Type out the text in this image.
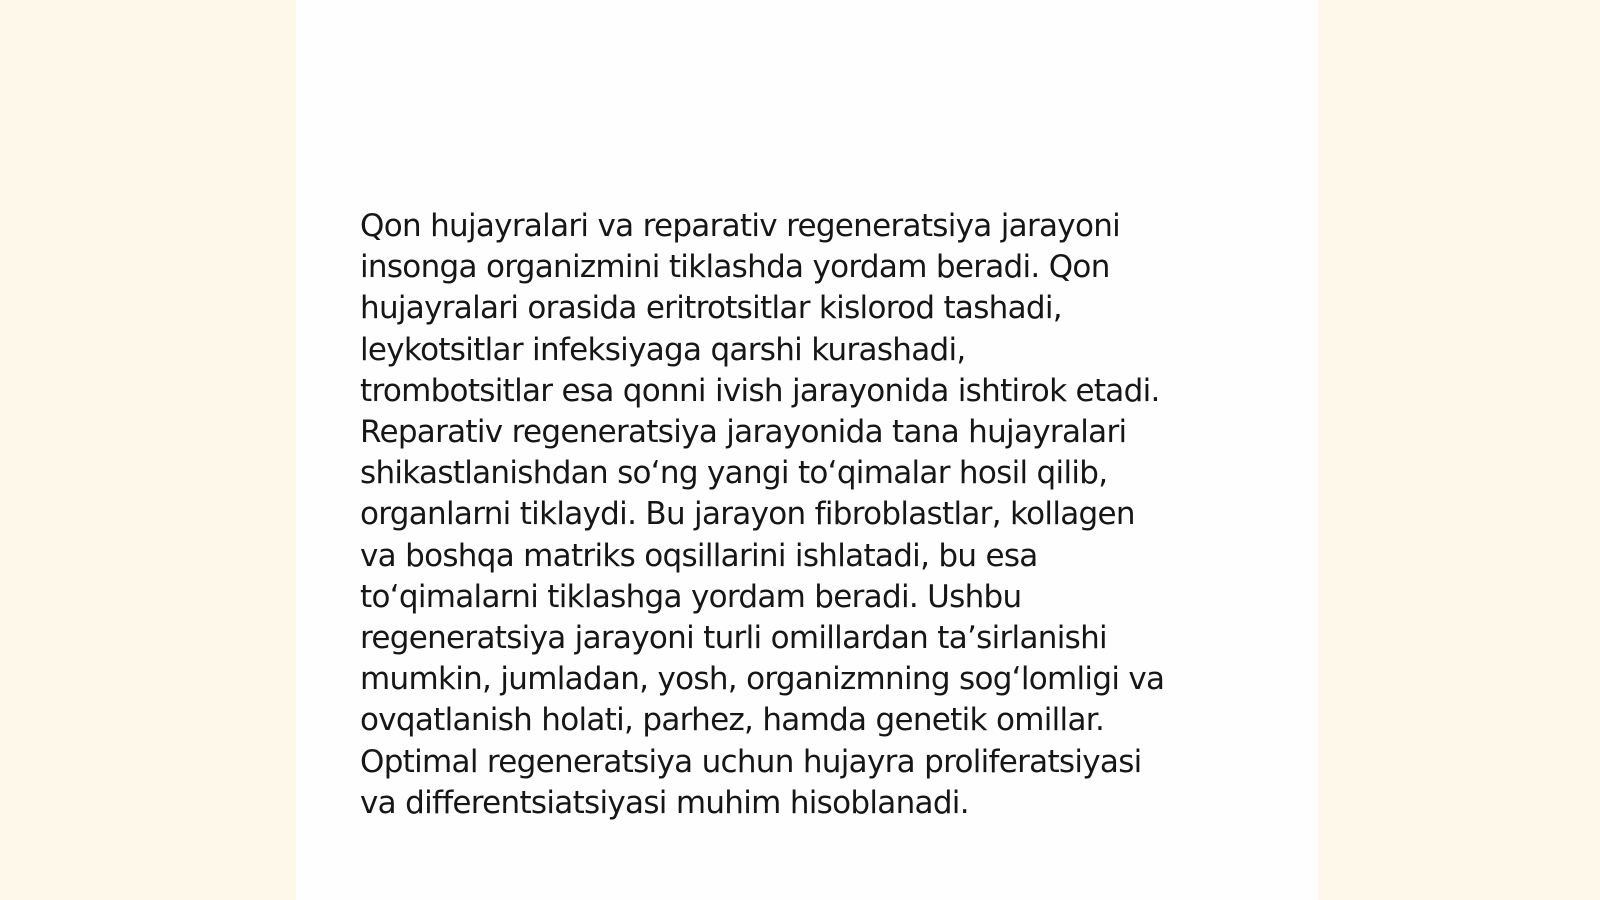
Qon hujayralari va reparativ regeneratsiya jarayoni
insonga organizmini tiklashda yordam beradi. Qon
hujayralari orasida eritrotsitlar kislorod tashadi,
leykotsitlar infeksiyaga qarshi kurashadi,
trombotsitlar esa qonni ivish jarayonida ishtirok etadi.
Reparativ regeneratsiya jarayonida tana hujayralari
shikastlanishdan so‘ng yangi to‘qimalar hosil qilib,
organlarni tiklaydi. Bu jarayon fibroblastlar, kollagen
va boshqa matriks oqsillarini ishlatadi, bu esa
to‘qimalarni tiklashga yordam beradi. Ushbu
regeneratsiya jarayoni turli omillardan ta’sirlanishi
mumkin, jumladan, yosh, organizmning sog‘lomligi va
ovqatlanish holati, parhez, hamda genetik omillar.
Optimal regeneratsiya uchun hujayra proliferatsiyasi
va differentsiatsiyasi muhim hisoblanadi.
